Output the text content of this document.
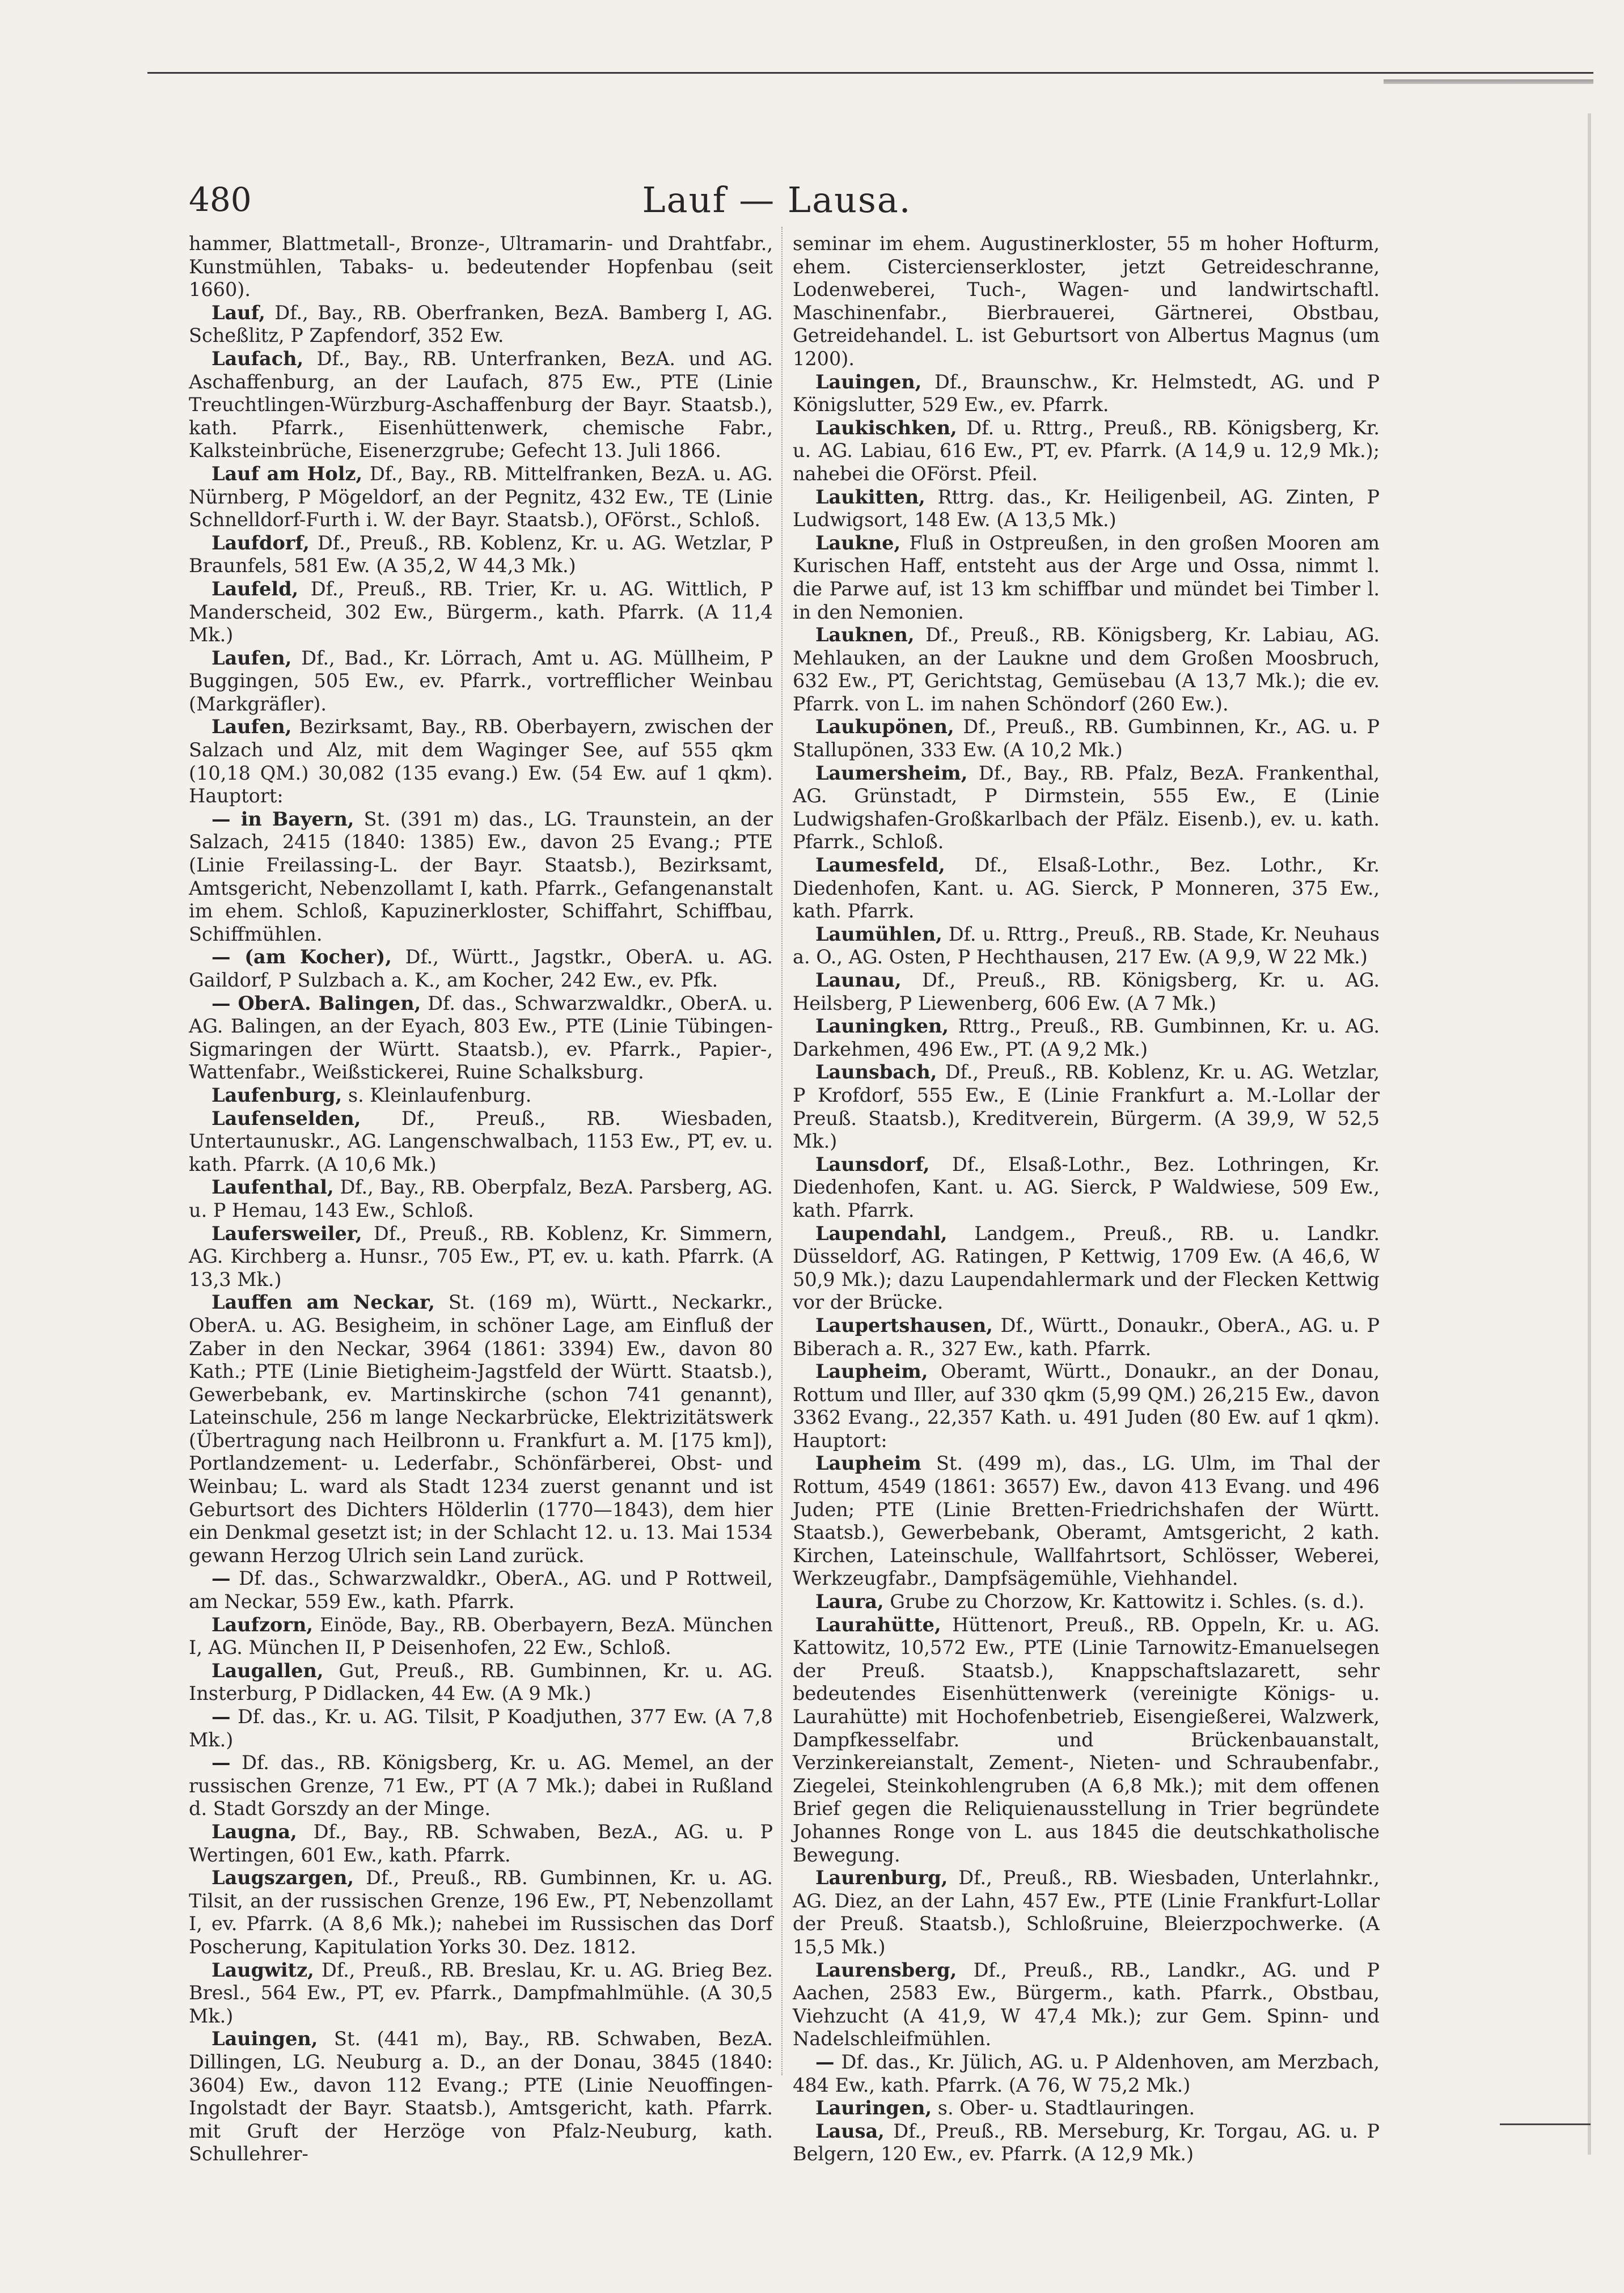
480	Lauf — Lausa.

hammer, Blattmetall-, Bronze-, Ultramarin- und Drahtfabr., Kunstmühlen, Tabaks- u. bedeutender Hopfenbau (seit 1660).

Lauf, Df., Bay., RB. Oberfranken, BezA. Bamberg I, AG. Scheßlitz, P Zapfendorf, 352 Ew.

Laufach, Df., Bay., RB. Unterfranken, BezA. und AG. Aschaffenburg, an der Laufach, 875 Ew., PTE (Linie Treuchtlingen-Würzburg-Aschaffenburg der Bayr. Staatsb.), kath. Pfarrk., Eisenhüttenwerk, chemische Fabr., Kalksteinbrüche, Eisenerzgrube; Gefecht 13. Juli 1866.

Lauf am Holz, Df., Bay., RB. Mittelfranken, BezA. u. AG. Nürnberg, P Mögeldorf, an der Pegnitz, 432 Ew., TE (Linie Schnelldorf-Furth i. W. der Bayr. Staatsb.), OFörst., Schloß.

Laufdorf, Df., Preuß., RB. Koblenz, Kr. u. AG. Wetzlar, P Braunfels, 581 Ew. (A 35,2, W 44,3 Mk.)

Laufeld, Df., Preuß., RB. Trier, Kr. u. AG. Wittlich, P Manderscheid, 302 Ew., Bürgerm., kath. Pfarrk. (A 11,4 Mk.)

Laufen, Df., Bad., Kr. Lörrach, Amt u. AG. Müllheim, P Buggingen, 505 Ew., ev. Pfarrk., vortrefflicher Weinbau (Markgräfler).

Laufen, Bezirksamt, Bay., RB. Oberbayern, zwischen der Salzach und Alz, mit dem Waginger See, auf 555 qkm (10,18 QM.) 30,082 (135 evang.) Ew. (54 Ew. auf 1 qkm). Hauptort:

— in Bayern, St. (391 m) das., LG. Traunstein, an der Salzach, 2415 (1840: 1385) Ew., davon 25 Evang.; PTE (Linie Freilassing-L. der Bayr. Staatsb.), Bezirksamt, Amtsgericht, Nebenzollamt I, kath. Pfarrk., Gefangenanstalt im ehem. Schloß, Kapuzinerkloster, Schiffahrt, Schiffbau, Schiffmühlen.

— (am Kocher), Df., Württ., Jagstkr., OberA. u. AG. Gaildorf, P Sulzbach a. K., am Kocher, 242 Ew., ev. Pfk.

— OberA. Balingen, Df. das., Schwarzwaldkr., OberA. u. AG. Balingen, an der Eyach, 803 Ew., PTE (Linie Tübingen-Sigmaringen der Württ. Staatsb.), ev. Pfarrk., Papier-, Wattenfabr., Weißstickerei, Ruine Schalksburg.

Laufenburg, s. Kleinlaufenburg.

Laufenselden, Df., Preuß., RB. Wiesbaden, Untertaunuskr., AG. Langenschwalbach, 1153 Ew., PT, ev. u. kath. Pfarrk. (A 10,6 Mk.)

Laufenthal, Df., Bay., RB. Oberpfalz, BezA. Parsberg, AG. u. P Hemau, 143 Ew., Schloß.

Laufersweiler, Df., Preuß., RB. Koblenz, Kr. Simmern, AG. Kirchberg a. Hunsr., 705 Ew., PT, ev. u. kath. Pfarrk. (A 13,3 Mk.)

Lauffen am Neckar, St. (169 m), Württ., Neckarkr., OberA. u. AG. Besigheim, in schöner Lage, am Einfluß der Zaber in den Neckar, 3964 (1861: 3394) Ew., davon 80 Kath.; PTE (Linie Bietigheim-Jagstfeld der Württ. Staatsb.), Gewerbebank, ev. Martinskirche (schon 741 genannt), Lateinschule, 256 m lange Neckarbrücke, Elektrizitätswerk (Übertragung nach Heilbronn u. Frankfurt a. M. [175 km]), Portlandzement- u. Lederfabr., Schönfärberei, Obst- und Weinbau; L. ward als Stadt 1234 zuerst genannt und ist Geburtsort des Dichters Hölderlin (1770—1843), dem hier ein Denkmal gesetzt ist; in der Schlacht 12. u. 13. Mai 1534 gewann Herzog Ulrich sein Land zurück.

— Df. das., Schwarzwaldkr., OberA., AG. und P Rottweil, am Neckar, 559 Ew., kath. Pfarrk.

Laufzorn, Einöde, Bay., RB. Oberbayern, BezA. München I, AG. München II, P Deisenhofen, 22 Ew., Schloß.

Laugallen, Gut, Preuß., RB. Gumbinnen, Kr. u. AG. Insterburg, P Didlacken, 44 Ew. (A 9 Mk.)

— Df. das., Kr. u. AG. Tilsit, P Koadjuthen, 377 Ew. (A 7,8 Mk.)

— Df. das., RB. Königsberg, Kr. u. AG. Memel, an der russischen Grenze, 71 Ew., PT (A 7 Mk.); dabei in Rußland d. Stadt Gorszdy an der Minge.

Laugna, Df., Bay., RB. Schwaben, BezA., AG. u. P Wertingen, 601 Ew., kath. Pfarrk.

Laugszargen, Df., Preuß., RB. Gumbinnen, Kr. u. AG. Tilsit, an der russischen Grenze, 196 Ew., PT, Nebenzollamt I, ev. Pfarrk. (A 8,6 Mk.); nahebei im Russischen das Dorf Poscherung, Kapitulation Yorks 30. Dez. 1812.

Laugwitz, Df., Preuß., RB. Breslau, Kr. u. AG. Brieg Bez. Bresl., 564 Ew., PT, ev. Pfarrk., Dampfmahlmühle. (A 30,5 Mk.)

Lauingen, St. (441 m), Bay., RB. Schwaben, BezA. Dillingen, LG. Neuburg a. D., an der Donau, 3845 (1840: 3604) Ew., davon 112 Evang.; PTE (Linie Neuoffingen-Ingolstadt der Bayr. Staatsb.), Amtsgericht, kath. Pfarrk. mit Gruft der Herzöge von Pfalz-Neuburg, kath. Schullehrer-

seminar im ehem. Augustinerkloster, 55 m hoher Hofturm, ehem. Cistercienserkloster, jetzt Getreideschranne, Lodenweberei, Tuch-, Wagen- und landwirtschaftl. Maschinenfabr., Bierbrauerei, Gärtnerei, Obstbau, Getreidehandel. L. ist Geburtsort von Albertus Magnus (um 1200).

Lauingen, Df., Braunschw., Kr. Helmstedt, AG. und P Königslutter, 529 Ew., ev. Pfarrk.

Laukischken, Df. u. Rttrg., Preuß., RB. Königsberg, Kr. u. AG. Labiau, 616 Ew., PT, ev. Pfarrk. (A 14,9 u. 12,9 Mk.); nahebei die OFörst. Pfeil.

Laukitten, Rttrg. das., Kr. Heiligenbeil, AG. Zinten, P Ludwigsort, 148 Ew. (A 13,5 Mk.)

Laukne, Fluß in Ostpreußen, in den großen Mooren am Kurischen Haff, entsteht aus der Arge und Ossa, nimmt l. die Parwe auf, ist 13 km schiffbar und mündet bei Timber l. in den Nemonien.

Lauknen, Df., Preuß., RB. Königsberg, Kr. Labiau, AG. Mehlauken, an der Laukne und dem Großen Moosbruch, 632 Ew., PT, Gerichtstag, Gemüsebau (A 13,7 Mk.); die ev. Pfarrk. von L. im nahen Schöndorf (260 Ew.).

Laukupönen, Df., Preuß., RB. Gumbinnen, Kr., AG. u. P Stallupönen, 333 Ew. (A 10,2 Mk.)

Laumersheim, Df., Bay., RB. Pfalz, BezA. Frankenthal, AG. Grünstadt, P Dirmstein, 555 Ew., E (Linie Ludwigshafen-Großkarlbach der Pfälz. Eisenb.), ev. u. kath. Pfarrk., Schloß.

Laumesfeld, Df., Elsaß-Lothr., Bez. Lothr., Kr. Diedenhofen, Kant. u. AG. Sierck, P Monneren, 375 Ew., kath. Pfarrk.

Laumühlen, Df. u. Rttrg., Preuß., RB. Stade, Kr. Neuhaus a. O., AG. Osten, P Hechthausen, 217 Ew. (A 9,9, W 22 Mk.)

Launau, Df., Preuß., RB. Königsberg, Kr. u. AG. Heilsberg, P Liewenberg, 606 Ew. (A 7 Mk.)

Launingken, Rttrg., Preuß., RB. Gumbinnen, Kr. u. AG. Darkehmen, 496 Ew., PT. (A 9,2 Mk.)

Launsbach, Df., Preuß., RB. Koblenz, Kr. u. AG. Wetzlar, P Krofdorf, 555 Ew., E (Linie Frankfurt a. M.-Lollar der Preuß. Staatsb.), Kreditverein, Bürgerm. (A 39,9, W 52,5 Mk.)

Launsdorf, Df., Elsaß-Lothr., Bez. Lothringen, Kr. Diedenhofen, Kant. u. AG. Sierck, P Waldwiese, 509 Ew., kath. Pfarrk.

Laupendahl, Landgem., Preuß., RB. u. Landkr. Düsseldorf, AG. Ratingen, P Kettwig, 1709 Ew. (A 46,6, W 50,9 Mk.); dazu Laupendahlermark und der Flecken Kettwig vor der Brücke.

Laupertshausen, Df., Württ., Donaukr., OberA., AG. u. P Biberach a. R., 327 Ew., kath. Pfarrk.

Laupheim, Oberamt, Württ., Donaukr., an der Donau, Rottum und Iller, auf 330 qkm (5,99 QM.) 26,215 Ew., davon 3362 Evang., 22,357 Kath. u. 491 Juden (80 Ew. auf 1 qkm). Hauptort:

Laupheim St. (499 m), das., LG. Ulm, im Thal der Rottum, 4549 (1861: 3657) Ew., davon 413 Evang. und 496 Juden; PTE (Linie Bretten-Friedrichshafen der Württ. Staatsb.), Gewerbebank, Oberamt, Amtsgericht, 2 kath. Kirchen, Lateinschule, Wallfahrtsort, Schlösser, Weberei, Werkzeugfabr., Dampfsägemühle, Viehhandel.

Laura, Grube zu Chorzow, Kr. Kattowitz i. Schles. (s. d.).

Laurahütte, Hüttenort, Preuß., RB. Oppeln, Kr. u. AG. Kattowitz, 10,572 Ew., PTE (Linie Tarnowitz-Emanuelsegen der Preuß. Staatsb.), Knappschaftslazarett, sehr bedeutendes Eisenhüttenwerk (vereinigte Königs- u. Laurahütte) mit Hochofenbetrieb, Eisengießerei, Walzwerk, Dampfkesselfabr. und Brückenbauanstalt, Verzinkereianstalt, Zement-, Nieten- und Schraubenfabr., Ziegelei, Steinkohlengruben (A 6,8 Mk.); mit dem offenen Brief gegen die Reliquienausstellung in Trier begründete Johannes Ronge von L. aus 1845 die deutschkatholische Bewegung.

Laurenburg, Df., Preuß., RB. Wiesbaden, Unterlahnkr., AG. Diez, an der Lahn, 457 Ew., PTE (Linie Frankfurt-Lollar der Preuß. Staatsb.), Schloßruine, Bleierzpochwerke. (A 15,5 Mk.)

Laurensberg, Df., Preuß., RB., Landkr., AG. und P Aachen, 2583 Ew., Bürgerm., kath. Pfarrk., Obstbau, Viehzucht (A 41,9, W 47,4 Mk.); zur Gem. Spinn- und Nadelschleifmühlen.

— Df. das., Kr. Jülich, AG. u. P Aldenhoven, am Merzbach, 484 Ew., kath. Pfarrk. (A 76, W 75,2 Mk.)

Lauringen, s. Ober- u. Stadtlauringen.

Lausa, Df., Preuß., RB. Merseburg, Kr. Torgau, AG. u. P Belgern, 120 Ew., ev. Pfarrk. (A 12,9 Mk.)
